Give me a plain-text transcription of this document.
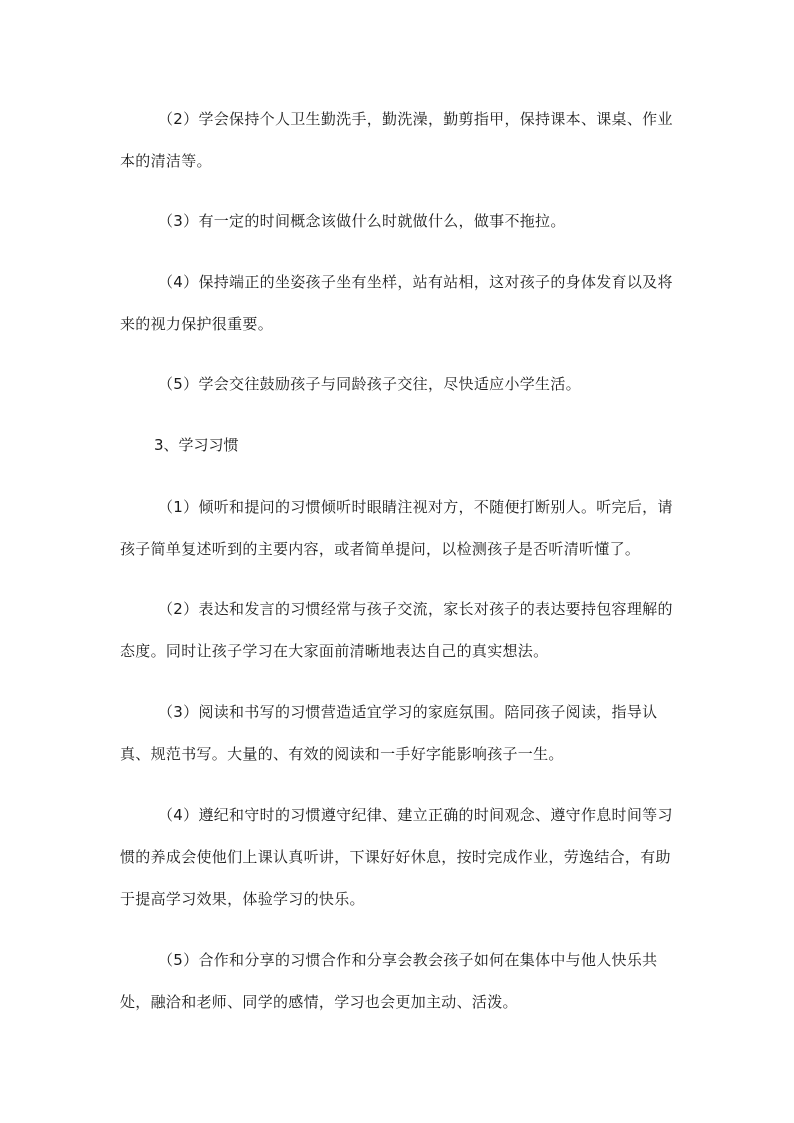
（2）学会保持个人卫生勤洗手，勤洗澡，勤剪指甲，保持课本、课桌、作业本的清洁等。

（3）有一定的时间概念该做什么时就做什么，做事不拖拉。

（4）保持端正的坐姿孩子坐有坐样，站有站相，这对孩子的身体发育以及将来的视力保护很重要。

（5）学会交往鼓励孩子与同龄孩子交往，尽快适应小学生活。

3、学习习惯

（1）倾听和提问的习惯倾听时眼睛注视对方，不随便打断别人。听完后，请孩子简单复述听到的主要内容，或者简单提问，以检测孩子是否听清听懂了。

（2）表达和发言的习惯经常与孩子交流，家长对孩子的表达要持包容理解的态度。同时让孩子学习在大家面前清晰地表达自己的真实想法。

（3）阅读和书写的习惯营造适宜学习的家庭氛围。陪同孩子阅读，指导认真、规范书写。大量的、有效的阅读和一手好字能影响孩子一生。

（4）遵纪和守时的习惯遵守纪律、建立正确的时间观念、遵守作息时间等习惯的养成会使他们上课认真听讲，下课好好休息，按时完成作业，劳逸结合，有助于提高学习效果，体验学习的快乐。

（5）合作和分享的习惯合作和分享会教会孩子如何在集体中与他人快乐共处，融洽和老师、同学的感情，学习也会更加主动、活泼。
